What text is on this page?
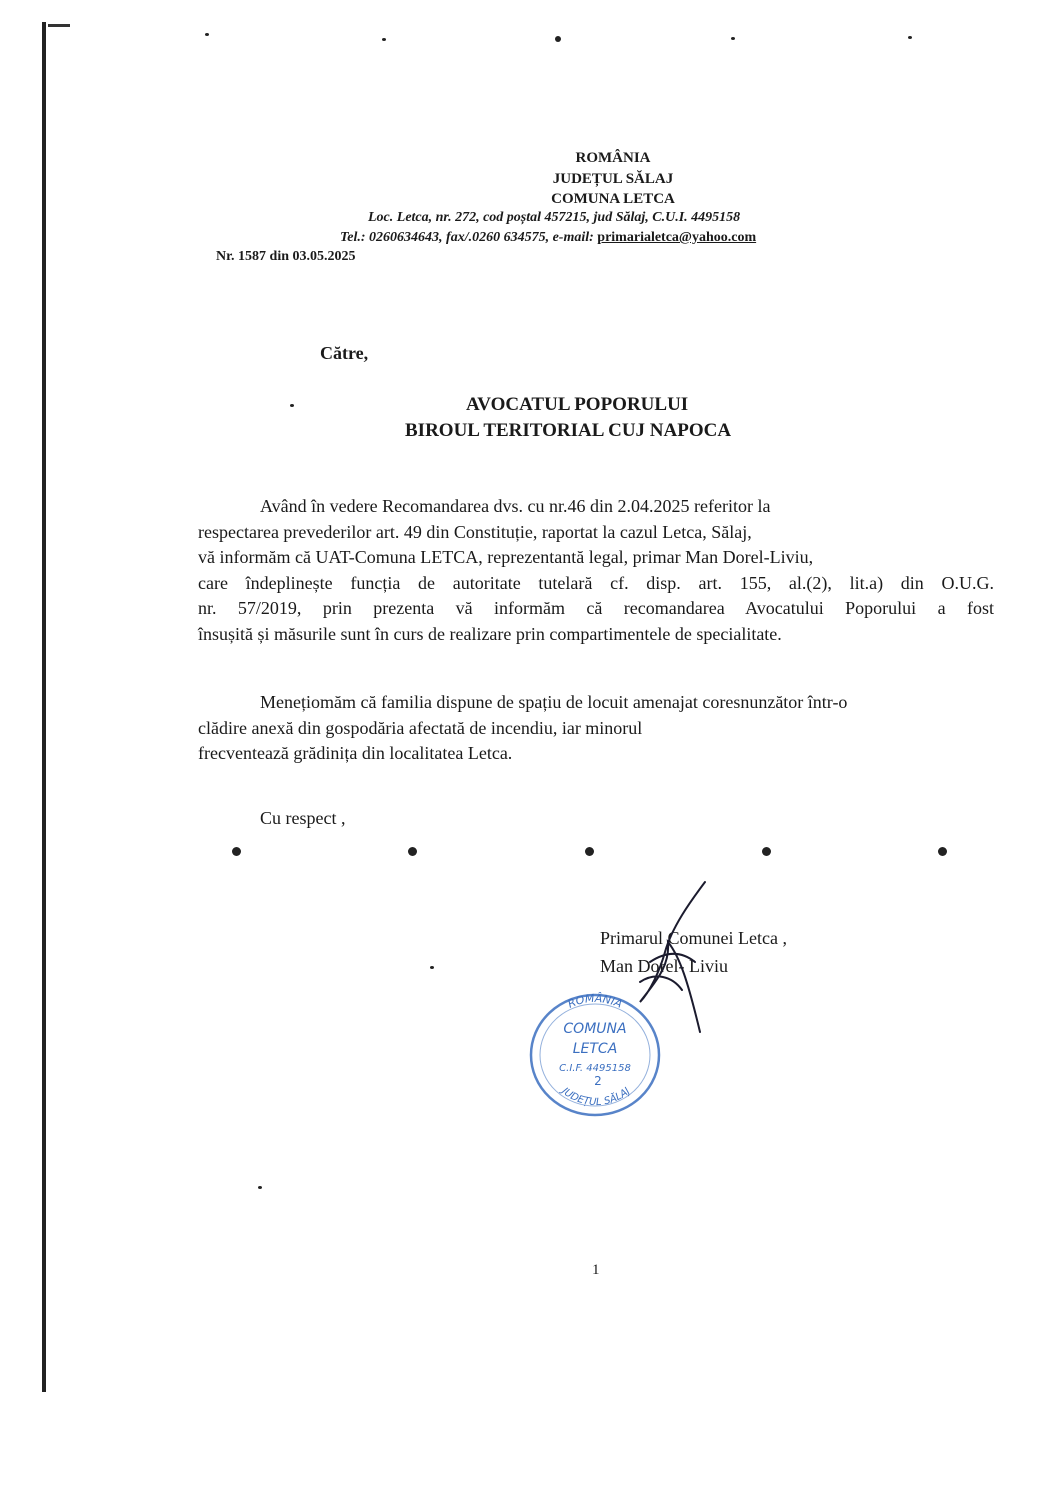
ROMÂNIA
JUDEȚUL SĂLAJ
COMUNA LETCA
Loc. Letca, nr. 272, cod poștal 457215, jud Sălaj, C.U.I. 4495158
Tel.: 0260634643, fax/.0260 634575, e-mail: primarialetca@yahoo.com
Nr. 1587 din 03.05.2025
Către,
AVOCATUL POPORULUI
BIROUL TERITORIAL CUJ NAPOCA
Având în vedere Recomandarea dvs. cu nr.46 din 2.04.2025 referitor la
respectarea prevederilor art. 49 din Constituție, raportat la cazul Letca, Sălaj,
vă informăm că UAT-Comuna LETCA, reprezentantă legal, primar Man Dorel-Liviu,
care îndeplinește funcția de autoritate tutelară cf. disp. art. 155, al.(2), lit.a) din O.U.G.
nr. 57/2019, prin prezenta vă informăm că recomandarea Avocatului Poporului a fost
însușită și măsurile sunt în curs de realizare prin compartimentele de specialitate.
Menețiomăm că familia dispune de spațiu de locuit amenajat coresnunzător într-o
clădire anexă din gospodăria afectată de incendiu, iar minorul
frecventează grădinița din localitatea Letca.
Cu respect ,
Primarul Comunei Letca ,
Man Dorel- Liviu
ROMÂNIA
COMUNA
LETCA
C.I.F. 4495158
2
JUDEȚUL SĂLAJ
1
